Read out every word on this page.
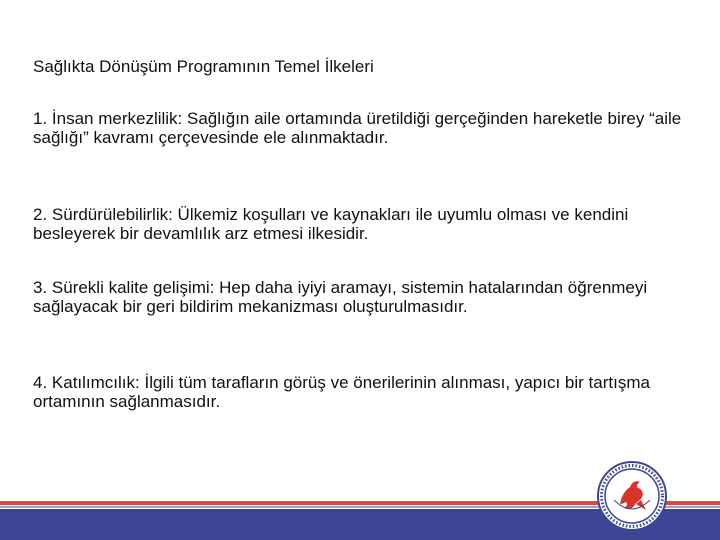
Sağlıkta Dönüşüm Programının Temel İlkeleri

1. İnsan merkezlilik: Sağlığın aile ortamında üretildiği gerçeğinden hareketle birey “aile sağlığı” kavramı çerçevesinde ele alınmaktadır.

2. Sürdürülebilirlik: Ülkemiz koşulları ve kaynakları ile uyumlu olması ve kendini besleyerek bir devamlılık arz etmesi ilkesidir.

3. Sürekli kalite gelişimi: Hep daha iyiyi aramayı, sistemin hatalarından öğrenmeyi sağlayacak bir geri bildirim mekanizması oluşturulmasıdır.

4. Katılımcılık: İlgili tüm tarafların görüş ve önerilerinin alınması, yapıcı bir tartışma ortamının sağlanmasıdır.
